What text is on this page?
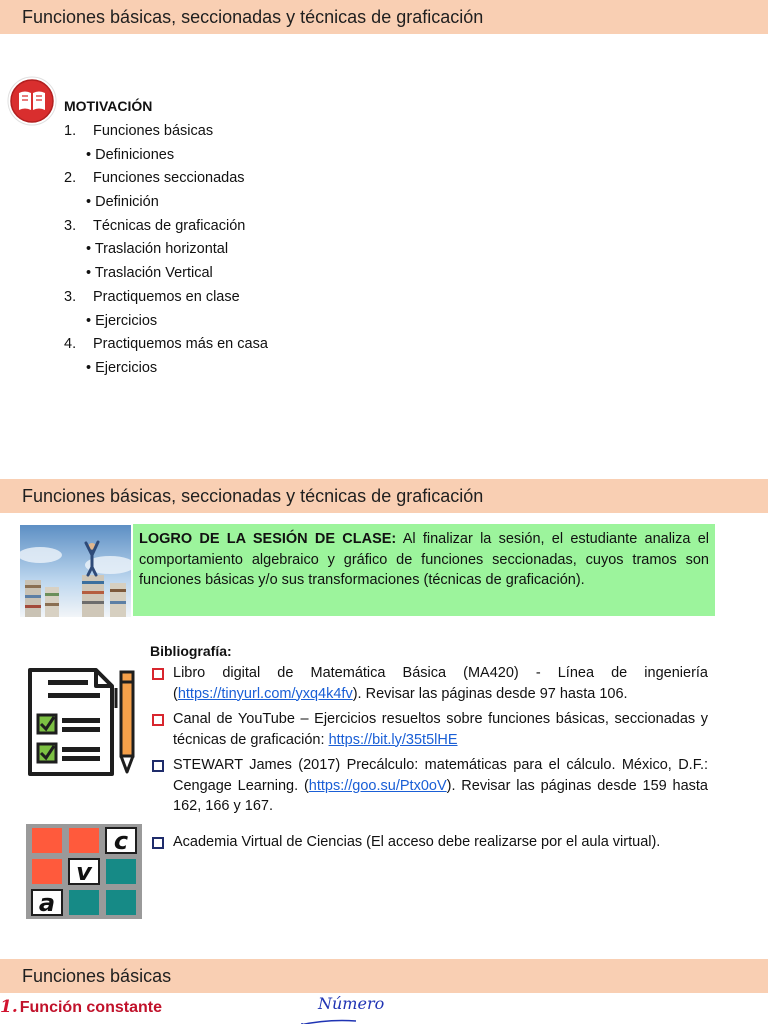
Funciones básicas, seccionadas y técnicas de graficación
MOTIVACIÓN
1. Funciones básicas
• Definiciones
2. Funciones seccionadas
• Definición
3. Técnicas de graficación
• Traslación horizontal
• Traslación Vertical
3. Practiquemos en clase
• Ejercicios
4. Practiquemos más en casa
• Ejercicios
Funciones básicas, seccionadas y técnicas de graficación
LOGRO DE LA SESIÓN DE CLASE: Al finalizar la sesión, el estudiante analiza el comportamiento algebraico y gráfico de funciones seccionadas, cuyos tramos son funciones básicas y/o sus transformaciones (técnicas de graficación).
Bibliografía:
Libro digital de Matemática Básica (MA420) - Línea de ingeniería (https://tinyurl.com/yxq4k4fv). Revisar las páginas desde 97 hasta 106.
Canal de YouTube – Ejercicios resueltos sobre funciones básicas, seccionadas y técnicas de graficación: https://bit.ly/35t5lHE
STEWART James (2017) Precálculo: matemáticas para el cálculo. México, D.F.: Cengage Learning. (https://goo.su/Ptx0oV). Revisar las páginas desde 159 hasta 162, 166 y 167.
c
v
a
Academia Virtual de Ciencias (El acceso debe realizarse por el aula virtual).
Funciones básicas
1. Función constante	Número
